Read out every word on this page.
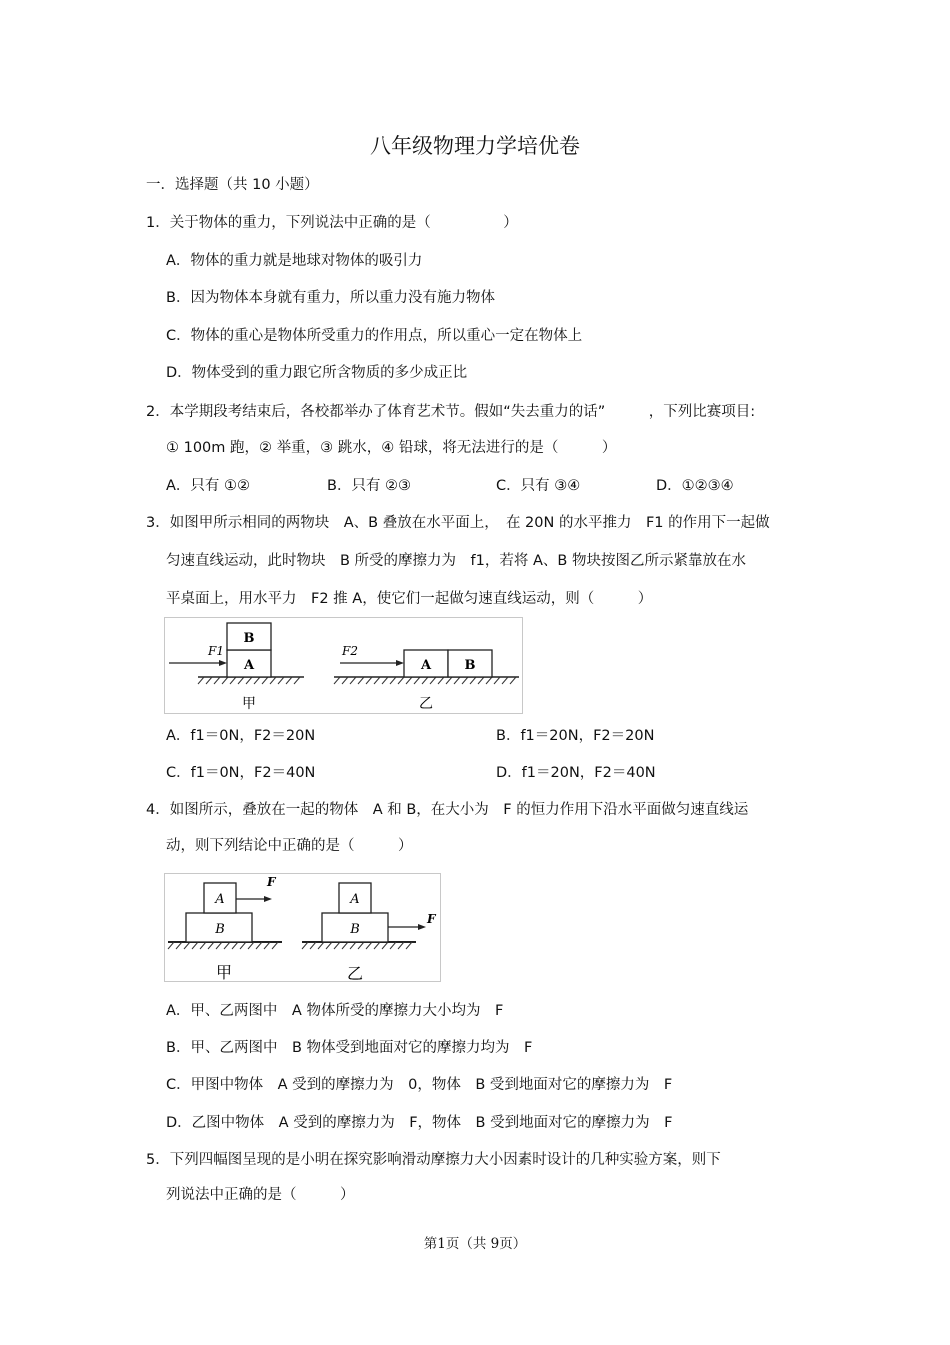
八年级物理力学培优卷
一．选择题（共 10 小题）
1．关于物体的重力，下列说法中正确的是（　　　　　）
A．物体的重力就是地球对物体的吸引力
B．因为物体本身就有重力，所以重力没有施力物体
C．物体的重心是物体所受重力的作用点，所以重心一定在物体上
D．物体受到的重力跟它所含物质的多少成正比
2．本学期段考结束后，各校都举办了体育艺术节。假如“失去重力的话”　　　，下列比赛项目:
① 100m 跑，② 举重，③ 跳水，④ 铅球，将无法进行的是（　　　）
A．只有 ①②	B．只有 ②③	C．只有 ③④	D．①②③④
3．如图甲所示相同的两物块　A、B 叠放在水平面上，　在 20N 的水平推力　F1 的作用下一起做
匀速直线运动，此时物块　B 所受的摩擦力为　f1，若将 A、B 物块按图乙所示紧靠放在水
平桌面上，用水平力　F2 推 A，使它们一起做匀速直线运动，则（　　　）
A
B
F1
甲
A	B
F2
乙
A．f1＝0N，F2＝20N	B．f1＝20N，F2＝20N
C．f1＝0N，F2＝40N	D．f1＝20N，F2＝40N
4．如图所示，叠放在一起的物体　A 和 B，在大小为　F 的恒力作用下沿水平面做匀速直线运
动，则下列结论中正确的是（　　　）
B
A
F
甲
B
A
F
乙
A．甲、乙两图中　A 物体所受的摩擦力大小均为　F
B．甲、乙两图中　B 物体受到地面对它的摩擦力均为　F
C．甲图中物体　A 受到的摩擦力为　0，物体　B 受到地面对它的摩擦力为　F
D．乙图中物体　A 受到的摩擦力为　F，物体　B 受到地面对它的摩擦力为　F
5．下列四幅图呈现的是小明在探究影响滑动摩擦力大小因素时设计的几种实验方案，则下
列说法中正确的是（　　　）
第1页（共 9页）
